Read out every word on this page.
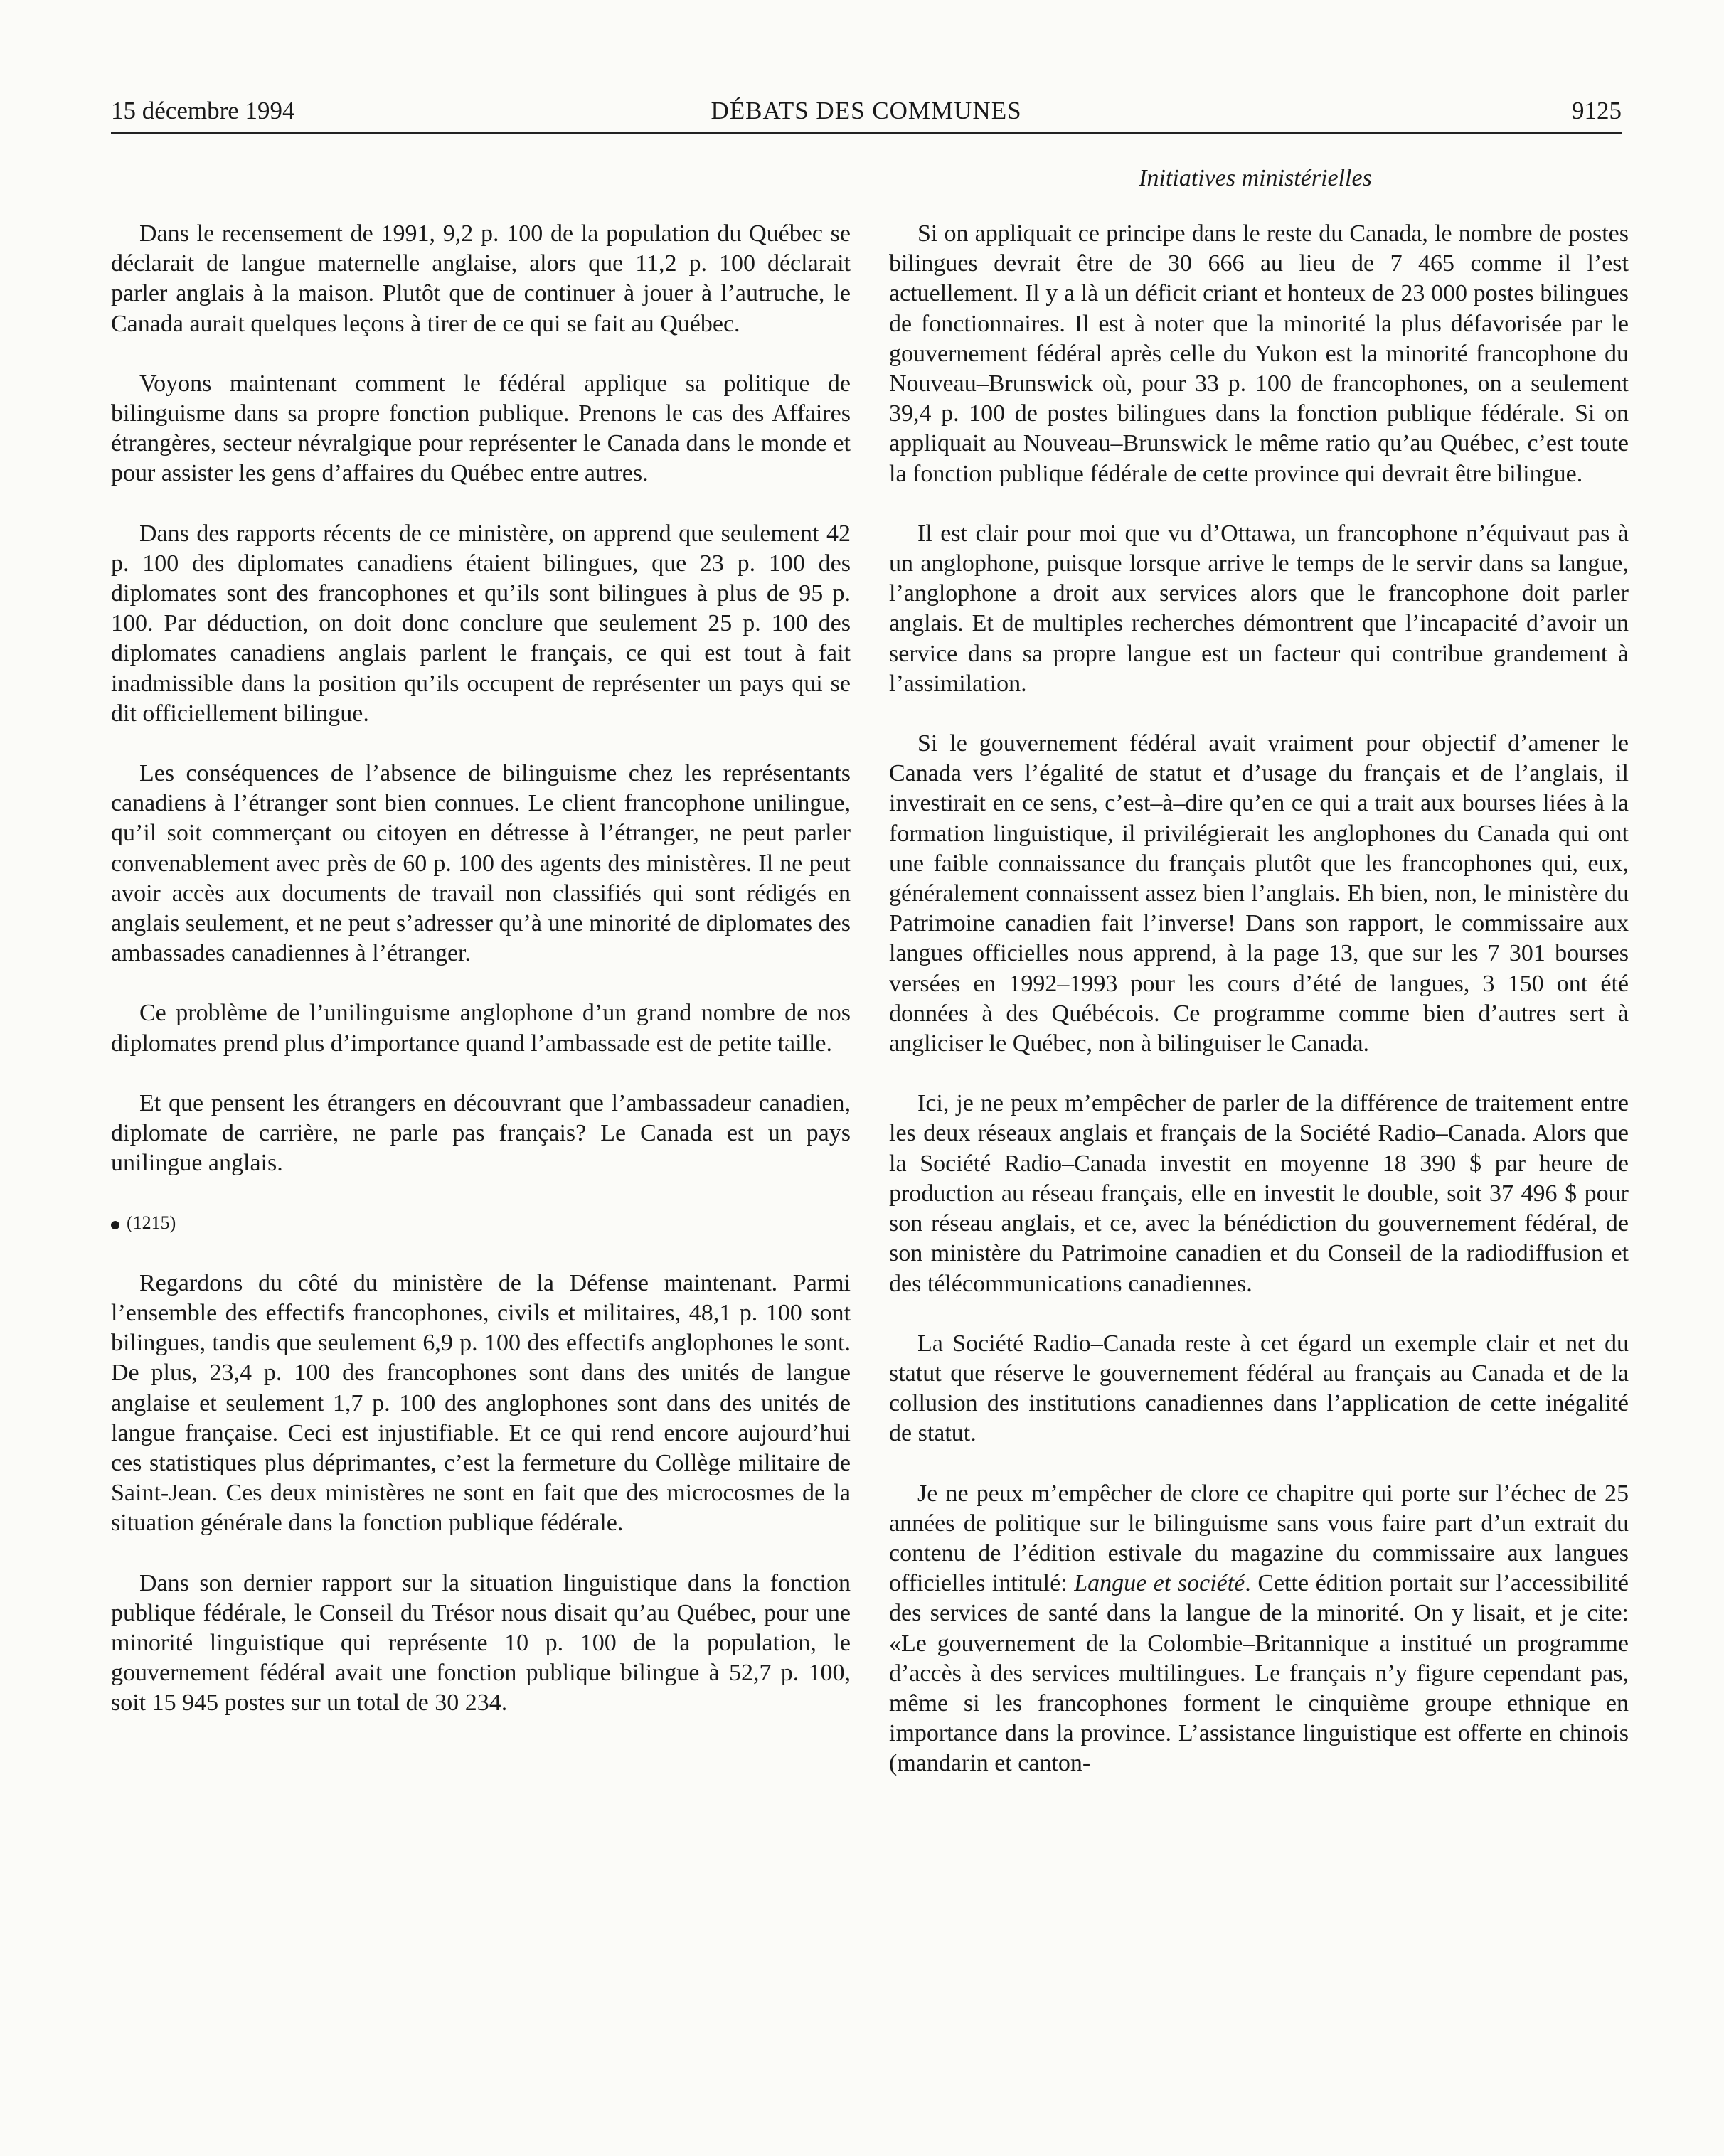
15 décembre 1994	DÉBATS DES COMMUNES	9125
Initiatives ministérielles

Dans le recensement de 1991, 9,2 p. 100 de la population du Québec se déclarait de langue maternelle anglaise, alors que 11,2 p. 100 déclarait parler anglais à la maison. Plutôt que de continuer à jouer à l’autruche, le Canada aurait quelques leçons à tirer de ce qui se fait au Québec.

Voyons maintenant comment le fédéral applique sa politique de bilinguisme dans sa propre fonction publique. Prenons le cas des Affaires étrangères, secteur névralgique pour représenter le Canada dans le monde et pour assister les gens d’affaires du Québec entre autres.

Dans des rapports récents de ce ministère, on apprend que seulement 42 p. 100 des diplomates canadiens étaient bilingues, que 23 p. 100 des diplomates sont des francophones et qu’ils sont bilingues à plus de 95 p. 100. Par déduction, on doit donc conclure que seulement 25 p. 100 des diplomates canadiens anglais parlent le français, ce qui est tout à fait inadmissible dans la position qu’ils occupent de représenter un pays qui se dit officiellement bilingue.

Les conséquences de l’absence de bilinguisme chez les représentants canadiens à l’étranger sont bien connues. Le client francophone unilingue, qu’il soit commerçant ou citoyen en détresse à l’étranger, ne peut parler convenablement avec près de 60 p. 100 des agents des ministères. Il ne peut avoir accès aux documents de travail non classifiés qui sont rédigés en anglais seulement, et ne peut s’adresser qu’à une minorité de diplomates des ambassades canadiennes à l’étranger.

Ce problème de l’unilinguisme anglophone d’un grand nombre de nos diplomates prend plus d’importance quand l’ambassade est de petite taille.

Et que pensent les étrangers en découvrant que l’ambassadeur canadien, diplomate de carrière, ne parle pas français? Le Canada est un pays unilingue anglais.

(1215)

Regardons du côté du ministère de la Défense maintenant. Parmi l’ensemble des effectifs francophones, civils et militaires, 48,1 p. 100 sont bilingues, tandis que seulement 6,9 p. 100 des effectifs anglophones le sont. De plus, 23,4 p. 100 des francophones sont dans des unités de langue anglaise et seulement 1,7 p. 100 des anglophones sont dans des unités de langue française. Ceci est injustifiable. Et ce qui rend encore aujourd’hui ces statistiques plus déprimantes, c’est la fermeture du Collège militaire de Saint-Jean. Ces deux ministères ne sont en fait que des microcosmes de la situation générale dans la fonction publique fédérale.

Dans son dernier rapport sur la situation linguistique dans la fonction publique fédérale, le Conseil du Trésor nous disait qu’au Québec, pour une minorité linguistique qui représente 10 p. 100 de la population, le gouvernement fédéral avait une fonction publique bilingue à 52,7 p. 100, soit 15 945 postes sur un total de 30 234.

Si on appliquait ce principe dans le reste du Canada, le nombre de postes bilingues devrait être de 30 666 au lieu de 7 465 comme il l’est actuellement. Il y a là un déficit criant et honteux de 23 000 postes bilingues de fonctionnaires. Il est à noter que la minorité la plus défavorisée par le gouvernement fédéral après celle du Yukon est la minorité francophone du Nouveau–Brunswick où, pour 33 p. 100 de francophones, on a seulement 39,4 p. 100 de postes bilingues dans la fonction publique fédérale. Si on appliquait au Nouveau–Brunswick le même ratio qu’au Québec, c’est toute la fonction publique fédérale de cette province qui devrait être bilingue.

Il est clair pour moi que vu d’Ottawa, un francophone n’équivaut pas à un anglophone, puisque lorsque arrive le temps de le servir dans sa langue, l’anglophone a droit aux services alors que le francophone doit parler anglais. Et de multiples recherches démontrent que l’incapacité d’avoir un service dans sa propre langue est un facteur qui contribue grandement à l’assimilation.

Si le gouvernement fédéral avait vraiment pour objectif d’amener le Canada vers l’égalité de statut et d’usage du français et de l’anglais, il investirait en ce sens, c’est–à–dire qu’en ce qui a trait aux bourses liées à la formation linguistique, il privilégierait les anglophones du Canada qui ont une faible connaissance du français plutôt que les francophones qui, eux, généralement connaissent assez bien l’anglais. Eh bien, non, le ministère du Patrimoine canadien fait l’inverse! Dans son rapport, le commissaire aux langues officielles nous apprend, à la page 13, que sur les 7 301 bourses versées en 1992–1993 pour les cours d’été de langues, 3 150 ont été données à des Québécois. Ce programme comme bien d’autres sert à angliciser le Québec, non à bilinguiser le Canada.

Ici, je ne peux m’empêcher de parler de la différence de traitement entre les deux réseaux anglais et français de la Société Radio–Canada. Alors que la Société Radio–Canada investit en moyenne 18 390 $ par heure de production au réseau français, elle en investit le double, soit 37 496 $ pour son réseau anglais, et ce, avec la bénédiction du gouvernement fédéral, de son ministère du Patrimoine canadien et du Conseil de la radiodiffusion et des télécommunications canadiennes.

La Société Radio–Canada reste à cet égard un exemple clair et net du statut que réserve le gouvernement fédéral au français au Canada et de la collusion des institutions canadiennes dans l’application de cette inégalité de statut.

Je ne peux m’empêcher de clore ce chapitre qui porte sur l’échec de 25 années de politique sur le bilinguisme sans vous faire part d’un extrait du contenu de l’édition estivale du magazine du commissaire aux langues officielles intitulé: Langue et société. Cette édition portait sur l’accessibilité des services de santé dans la langue de la minorité. On y lisait, et je cite: «Le gouvernement de la Colombie–Britannique a institué un programme d’accès à des services multilingues. Le français n’y figure cependant pas, même si les francophones forment le cinquième groupe ethnique en importance dans la province. L’assistance linguistique est offerte en chinois (mandarin et canton-
